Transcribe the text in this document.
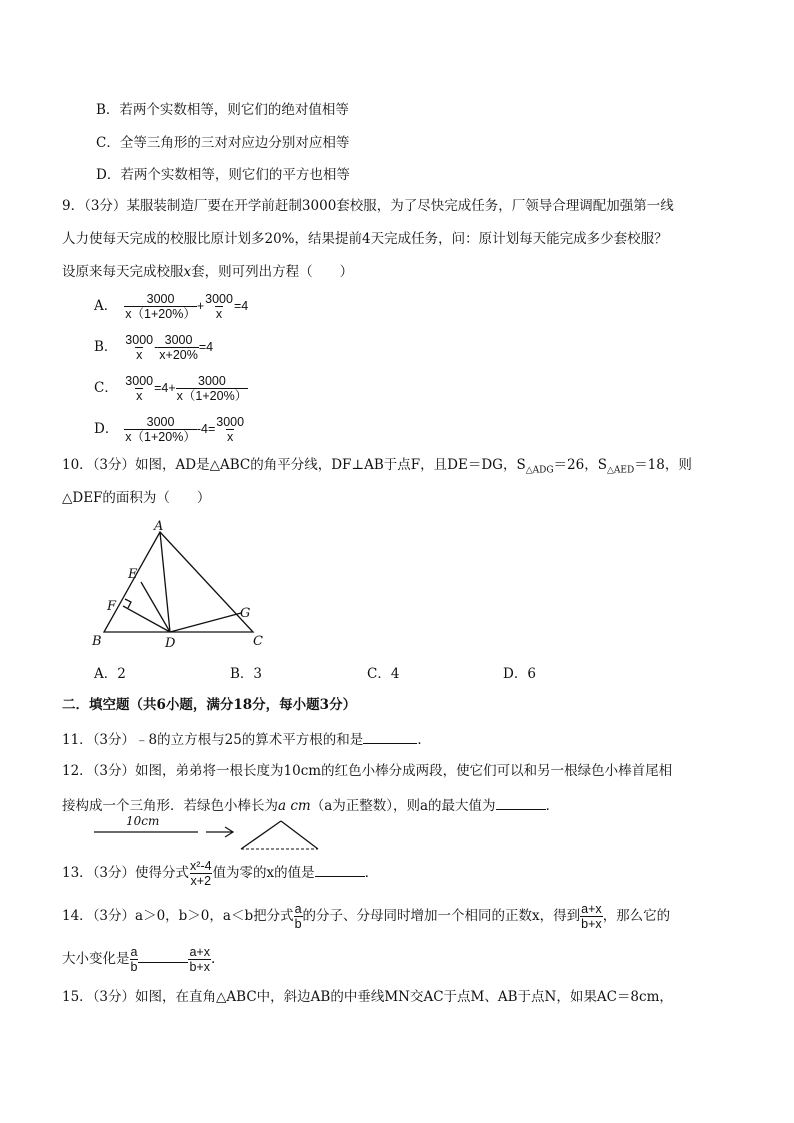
B．若两个实数相等，则它们的绝对值相等
C．全等三角形的三对对应边分别对应相等
D．若两个实数相等，则它们的平方也相等
9．（3分）某服装制造厂要在开学前赶制3000套校服，为了尽快完成任务，厂领导合理调配加强第一线
人力使每天完成的校服比原计划多20%，结果提前4天完成任务，问：原计划每天能完成多少套校服？
设原来每天完成校服x套，则可列出方程（　　）
A． $\frac{3000}{x(1+20\%)} + \frac{3000}{x} =4$
B． $\frac{3000}{x} - \frac{3000}{x+20\%} =4$
C． $\frac{3000}{x} =4+ \frac{3000}{x(1+20\%)}$
D． $\frac{3000}{x(1+20\%)} -4= \frac{3000}{x}$
10．（3分）如图，AD是△ABC的角平分线，DF⊥AB于点F，且DE＝DG，$S_{\triangle ADG}=26$，$S_{\triangle AED}=18$，则
△DEF的面积为（　　）
A
E
F	G
B	D	C
A．2	B．3	C．4	D．6
二．填空题（共6小题，满分18分，每小题3分）
11．（3分）﹣8的立方根与25的算术平方根的和是	．
12．（3分）如图，弟弟将一根长度为10cm的红色小棒分成两段，使它们可以和另一根绿色小棒首尾相
接构成一个三角形．若绿色小棒长为a cm（a为正整数），则a的最大值为	．
10cm
13．（3分）使得分式 $\frac{\text{x²-4}}{x+2}$ 值为零的x的值是	．
14．（3分）a＞0，b＞0，a＜b把分式 $\frac{a}{b}$ 的分子、分母同时增加一个相同的正数x，得到 $\frac{a+x}{b+x}$ ，那么它的
大小变化是 $\frac{a}{b}$	$\frac{a+x}{b+x}$ .
15．（3分）如图，在直角△ABC中，斜边AB的中垂线MN交AC于点M、AB于点N，如果AC＝8cm，
